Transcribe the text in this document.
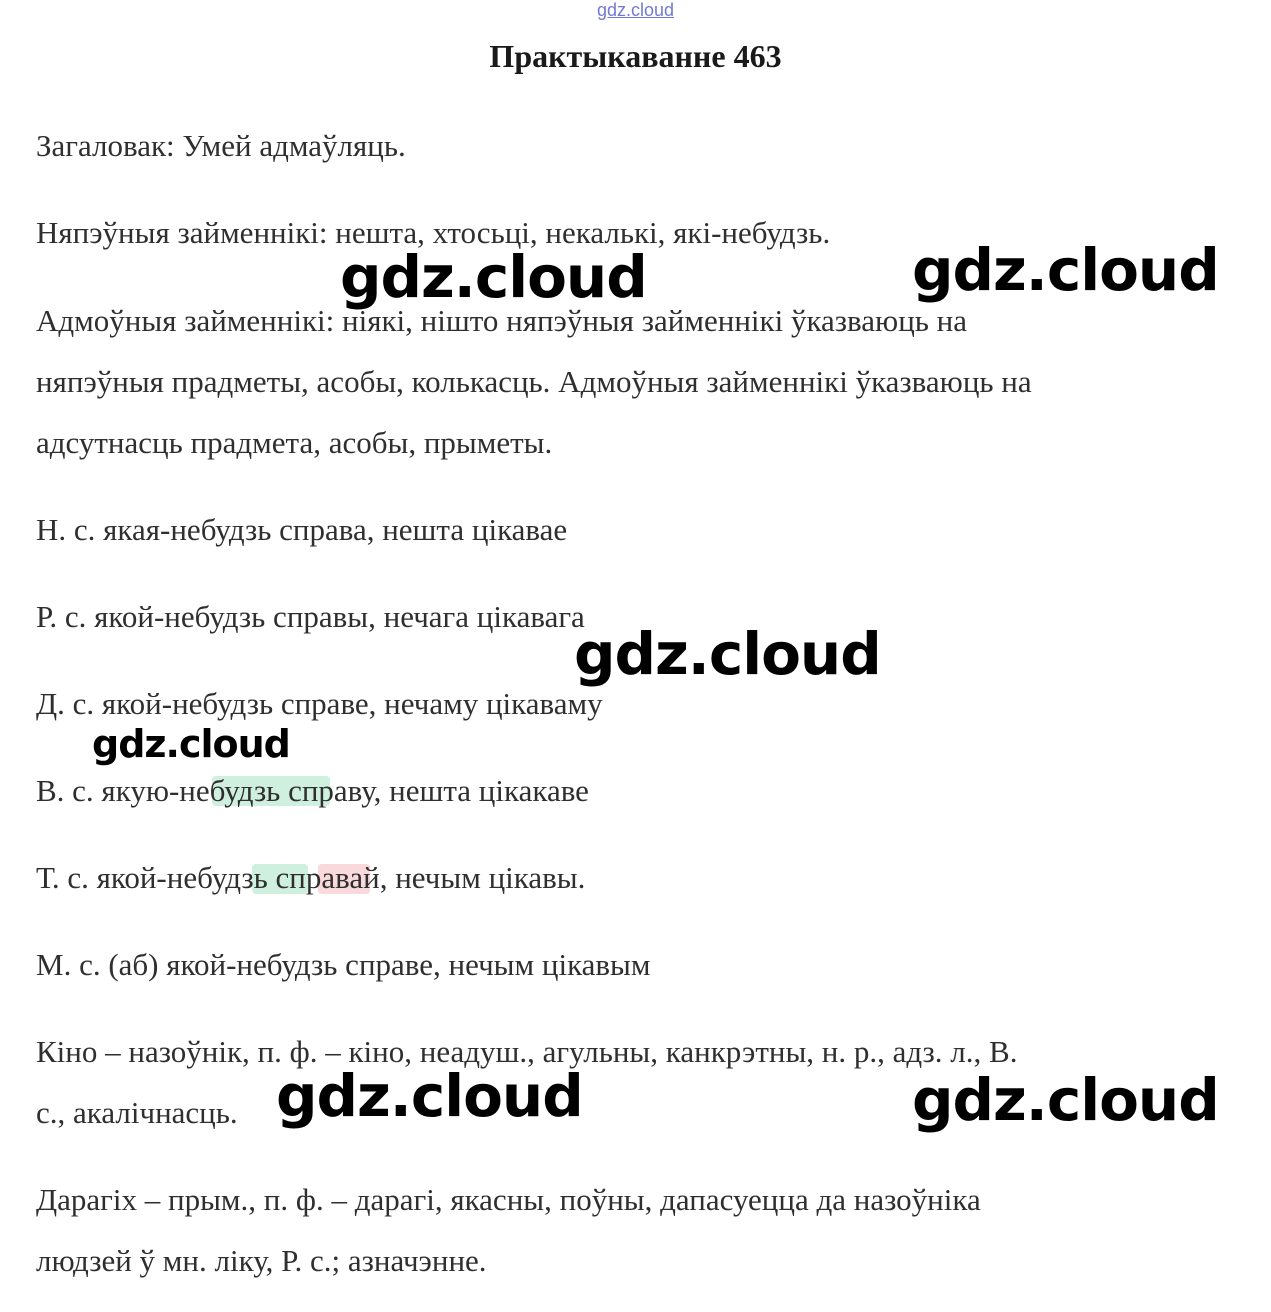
gdz.cloud
Практыкаванне 463
Загаловак: Умей адмаўляць.
Няпэўныя займеннікі: нешта, хтосьці, некалькі, які-небудзь.
Адмоўныя займеннікі: ніякі, нішто няпэўныя займеннікі ўказваюць на
няпэўныя прадметы, асобы, колькасць. Адмоўныя займеннікі ўказваюць на
адсутнасць прадмета, асобы, прыметы.
Н. с. якая-небудзь справа, нешта цікавае
Р. с. якой-небудзь справы, нечага цікавага
Д. с. якой-небудзь справе, нечаму цікаваму
В. с. якую-небудзь справу, нешта цікакаве
Т. с. якой-небудзь справай, нечым цікавы.
М. с. (аб) якой-небудзь справе, нечым цікавым
Кіно – назоўнік, п. ф. – кіно, неадуш., агульны, канкрэтны, н. р., адз. л., В.
с., акалічнасць.
Дарагіх – прым., п. ф. – дарагі, якасны, поўны, дапасуецца да назоўніка
людзей ў мн. ліку, Р. с.; азначэнне.
gdz.cloud	gdz.cloud
gdz.cloud
gdz.cloud
gdz.cloud	gdz.cloud
